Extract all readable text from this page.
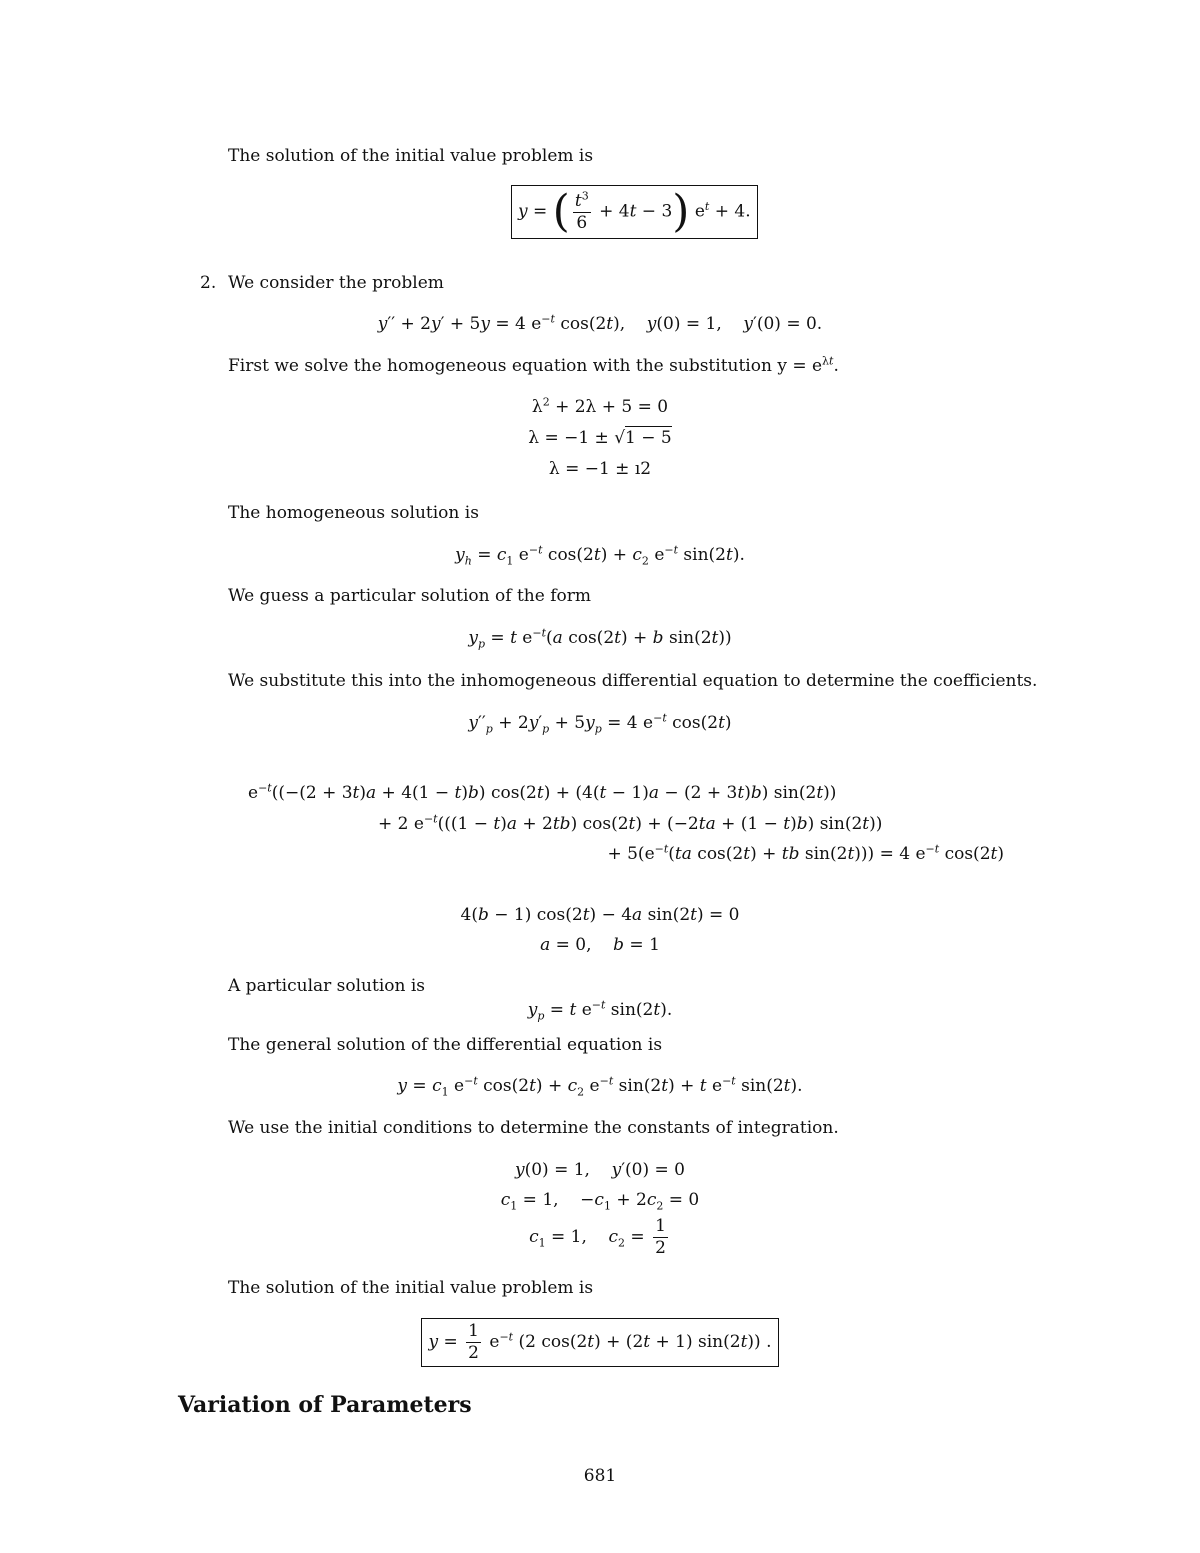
The solution of the initial value problem is
y = ( $\frac{t^3}{6} + 4t - 3$) $e^t + 4$.
2. We consider the problem
y′′ + 2y′ + 5y = 4 $e^{-t}$ cos(2t),    y(0) = 1,    y′(0) = 0.
First we solve the homogeneous equation with the substitution $y = e^{\lambda t}$.
$\lambda^2 + 2\lambda + 5 = 0$
λ = −1 ± √1 − 5
λ = −1 ± ı2
The homogeneous solution is
$y_h = c_1$ $e^{-t}$ $\cos(2t) + c_2$ $e^{-t}$ sin(2t).
We guess a particular solution of the form
$y_p = t$ $e^{-t}(a$ cos(2t) + b sin(2t))
We substitute this into the inhomogeneous differential equation to determine the coefficients.
$y''_p + 2y'_p + 5y_p = 4$ $e^{-t}$ cos(2t)
$e^{-t}((-(2 + 3t)a + 4(1 - t)b) \cos(2t) + (4(t - 1)a - (2 + 3t)b)$ sin(2t))
+ 2 $e^{-t}(((1 - t)a + 2tb) \cos(2t) + (-2ta + (1 - t)b)$ sin(2t))
+ $5(e^{-t}(ta$ cos(2t) + tb sin(2t))) = 4 $e^{-t}$ cos(2t)
4(b − 1) cos(2t) − 4a sin(2t) = 0
a = 0,    b = 1
A particular solution is
$y_p = t$ $e^{-t}$ sin(2t).
The general solution of the differential equation is
$y = c_1$ $e^{-t}$ $\cos(2t) + c_2$ $e^{-t}$ sin(2t) + t $e^{-t}$ sin(2t).
We use the initial conditions to determine the constants of integration.
y(0) = 1,    y′(0) = 0
$c_1 = 1$,    $-c_1 + 2c_2 = 0$
$c_1 = 1$,    $c_2 = \frac{1}{2}$
The solution of the initial value problem is
$y = \frac{1}{2} e^{-t}$ (2 cos(2t) + (2t + 1) sin(2t)) .
Variation of Parameters
681
